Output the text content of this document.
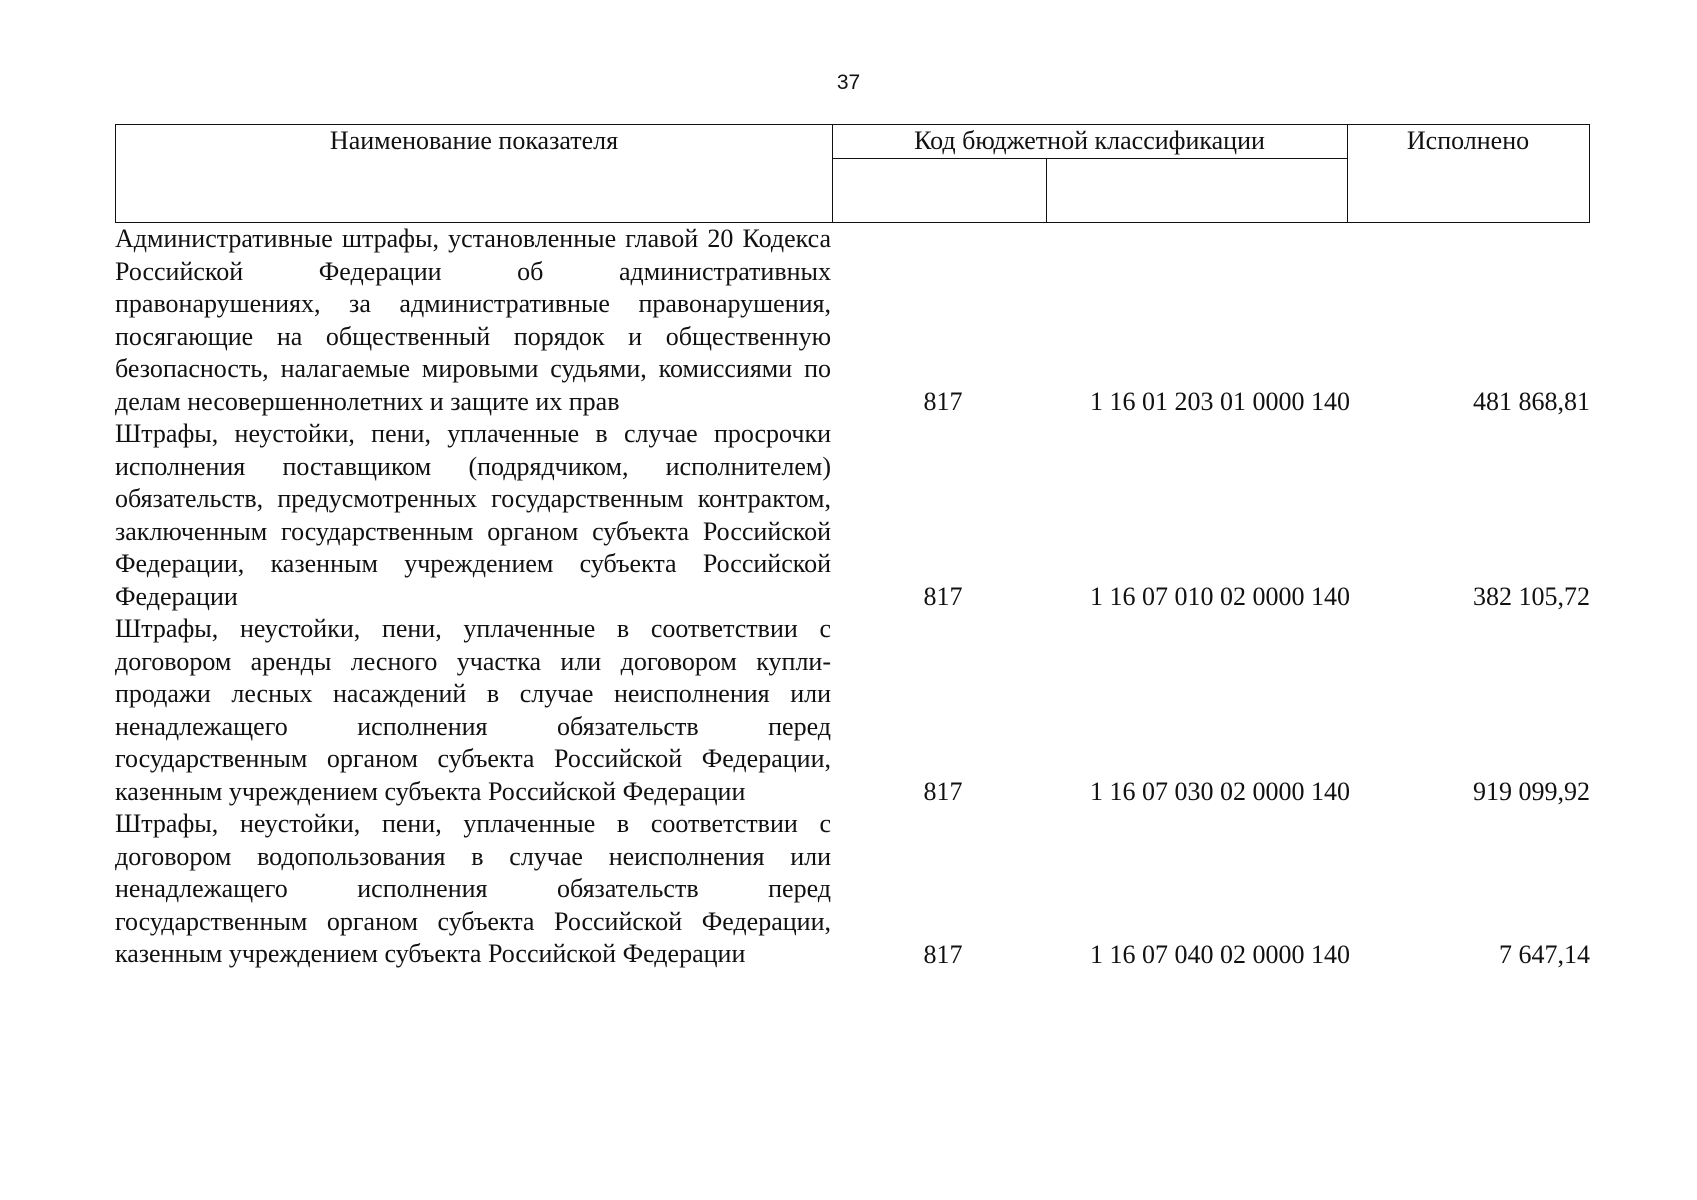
37
Наименование показателя	Код бюджетной классификации	Исполнено
Административные штрафы, установленные главой 20 Кодекса Российской Федерации об административных правонарушениях, за административные правонарушения, посягающие на общественный порядок и общественную безопасность, налагаемые мировыми судьями, комиссиями по делам несовершеннолетних и защите их прав	817	1 16 01 203 01 0000 140	481 868,81
Штрафы, неустойки, пени, уплаченные в случае просрочки исполнения поставщиком (подрядчиком, исполнителем) обязательств, предусмотренных государственным контрактом, заключенным государственным органом субъекта Российской Федерации, казенным учреждением субъекта Российской Федерации	817	1 16 07 010 02 0000 140	382 105,72
Штрафы, неустойки, пени, уплаченные в соответствии с договором аренды лесного участка или договором купли-продажи лесных насаждений в случае неисполнения или ненадлежащего исполнения обязательств перед государственным органом субъекта Российской Федерации, казенным учреждением субъекта Российской Федерации	817	1 16 07 030 02 0000 140	919 099,92
Штрафы, неустойки, пени, уплаченные в соответствии с договором водопользования в случае неисполнения или ненадлежащего исполнения обязательств перед государственным органом субъекта Российской Федерации, казенным учреждением субъекта Российской Федерации	817	1 16 07 040 02 0000 140	7 647,14
